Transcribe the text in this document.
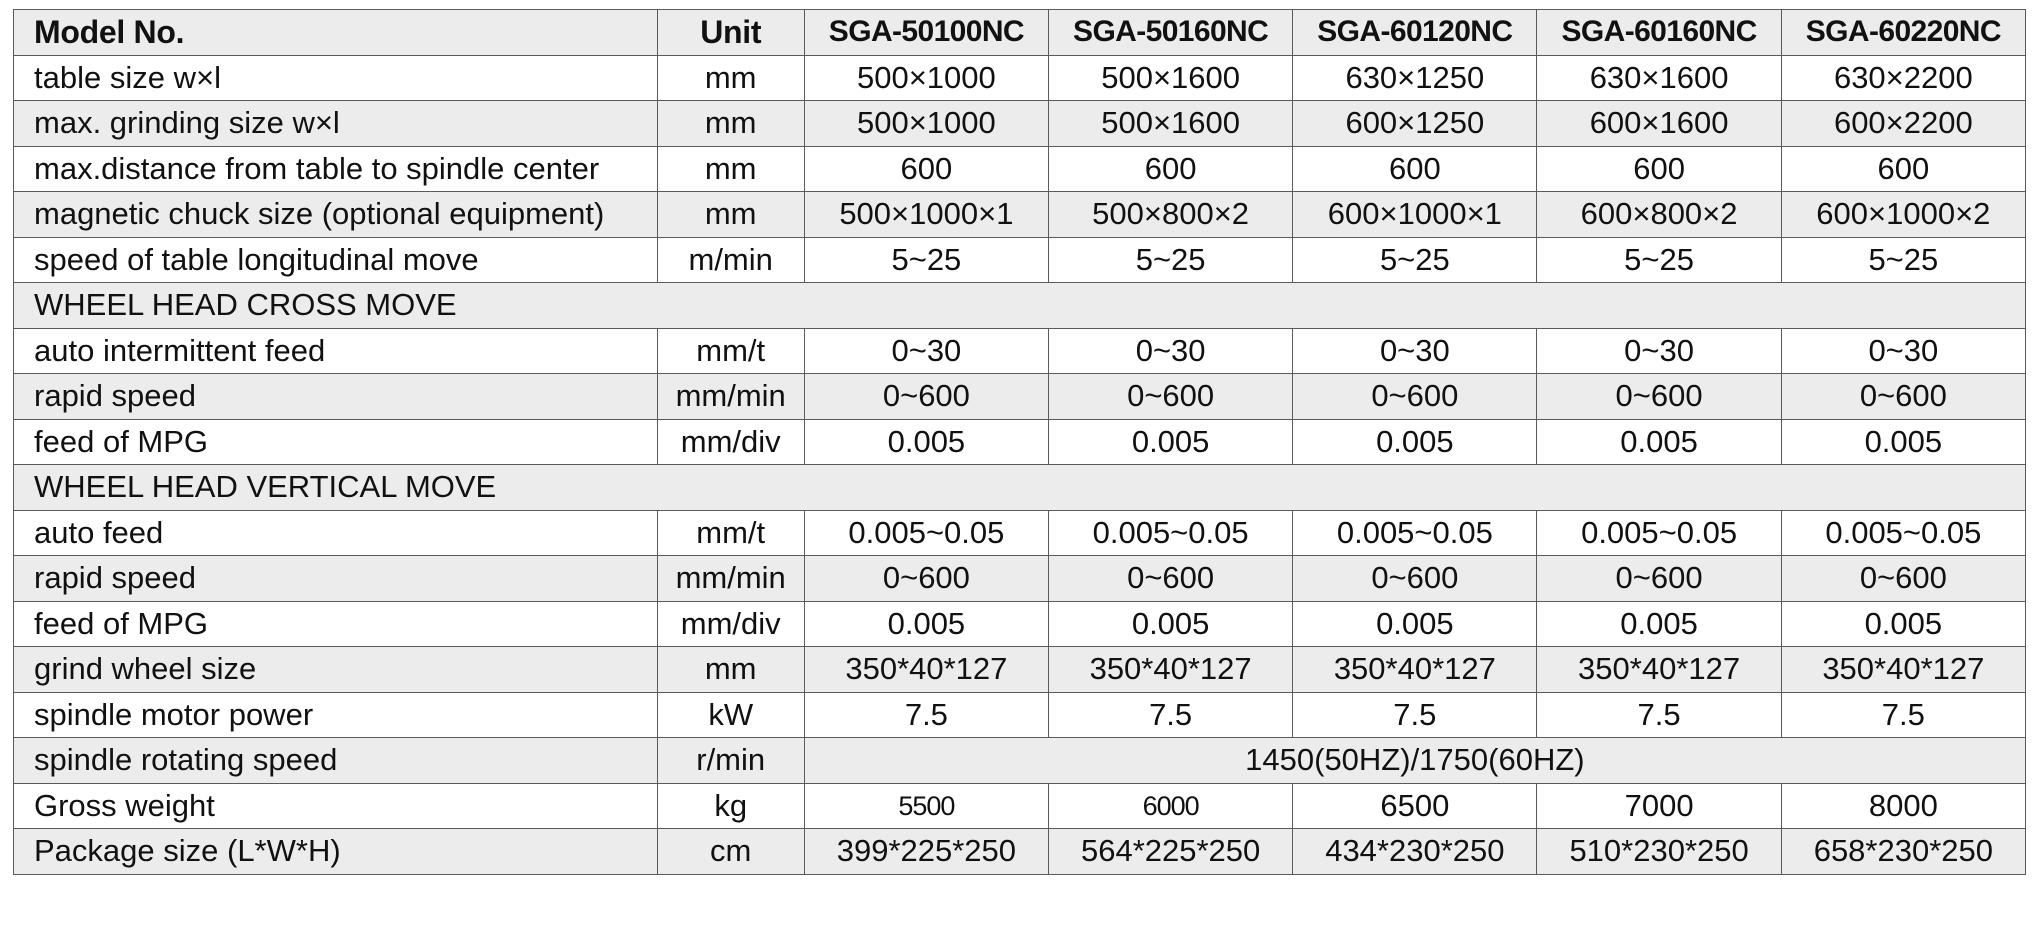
Model No.	Unit	SGA-50100NC	SGA-50160NC	SGA-60120NC	SGA-60160NC	SGA-60220NC
table size w×l	mm	500×1000	500×1600	630×1250	630×1600	630×2200
max. grinding size w×l	mm	500×1000	500×1600	600×1250	600×1600	600×2200
max.distance from table to spindle center	mm	600	600	600	600	600
magnetic chuck size (optional equipment)	mm	500×1000×1	500×800×2	600×1000×1	600×800×2	600×1000×2
speed of table longitudinal move	m/min	5~25	5~25	5~25	5~25	5~25
WHEEL HEAD CROSS MOVE						
auto intermittent feed	mm/t	0~30	0~30	0~30	0~30	0~30
rapid speed	mm/min	0~600	0~600	0~600	0~600	0~600
feed of MPG	mm/div	0.005	0.005	0.005	0.005	0.005
WHEEL HEAD VERTICAL MOVE						
auto feed	mm/t	0.005~0.05	0.005~0.05	0.005~0.05	0.005~0.05	0.005~0.05
rapid speed	mm/min	0~600	0~600	0~600	0~600	0~600
feed of MPG	mm/div	0.005	0.005	0.005	0.005	0.005
grind wheel size	mm	350*40*127	350*40*127	350*40*127	350*40*127	350*40*127
spindle motor power	kW	7.5	7.5	7.5	7.5	7.5
spindle rotating speed	r/min	1450(50HZ)/1750(60HZ)				
Gross weight	kg	5500	6000	6500	7000	8000
Package size (L*W*H)	cm	399*225*250	564*225*250	434*230*250	510*230*250	658*230*250
